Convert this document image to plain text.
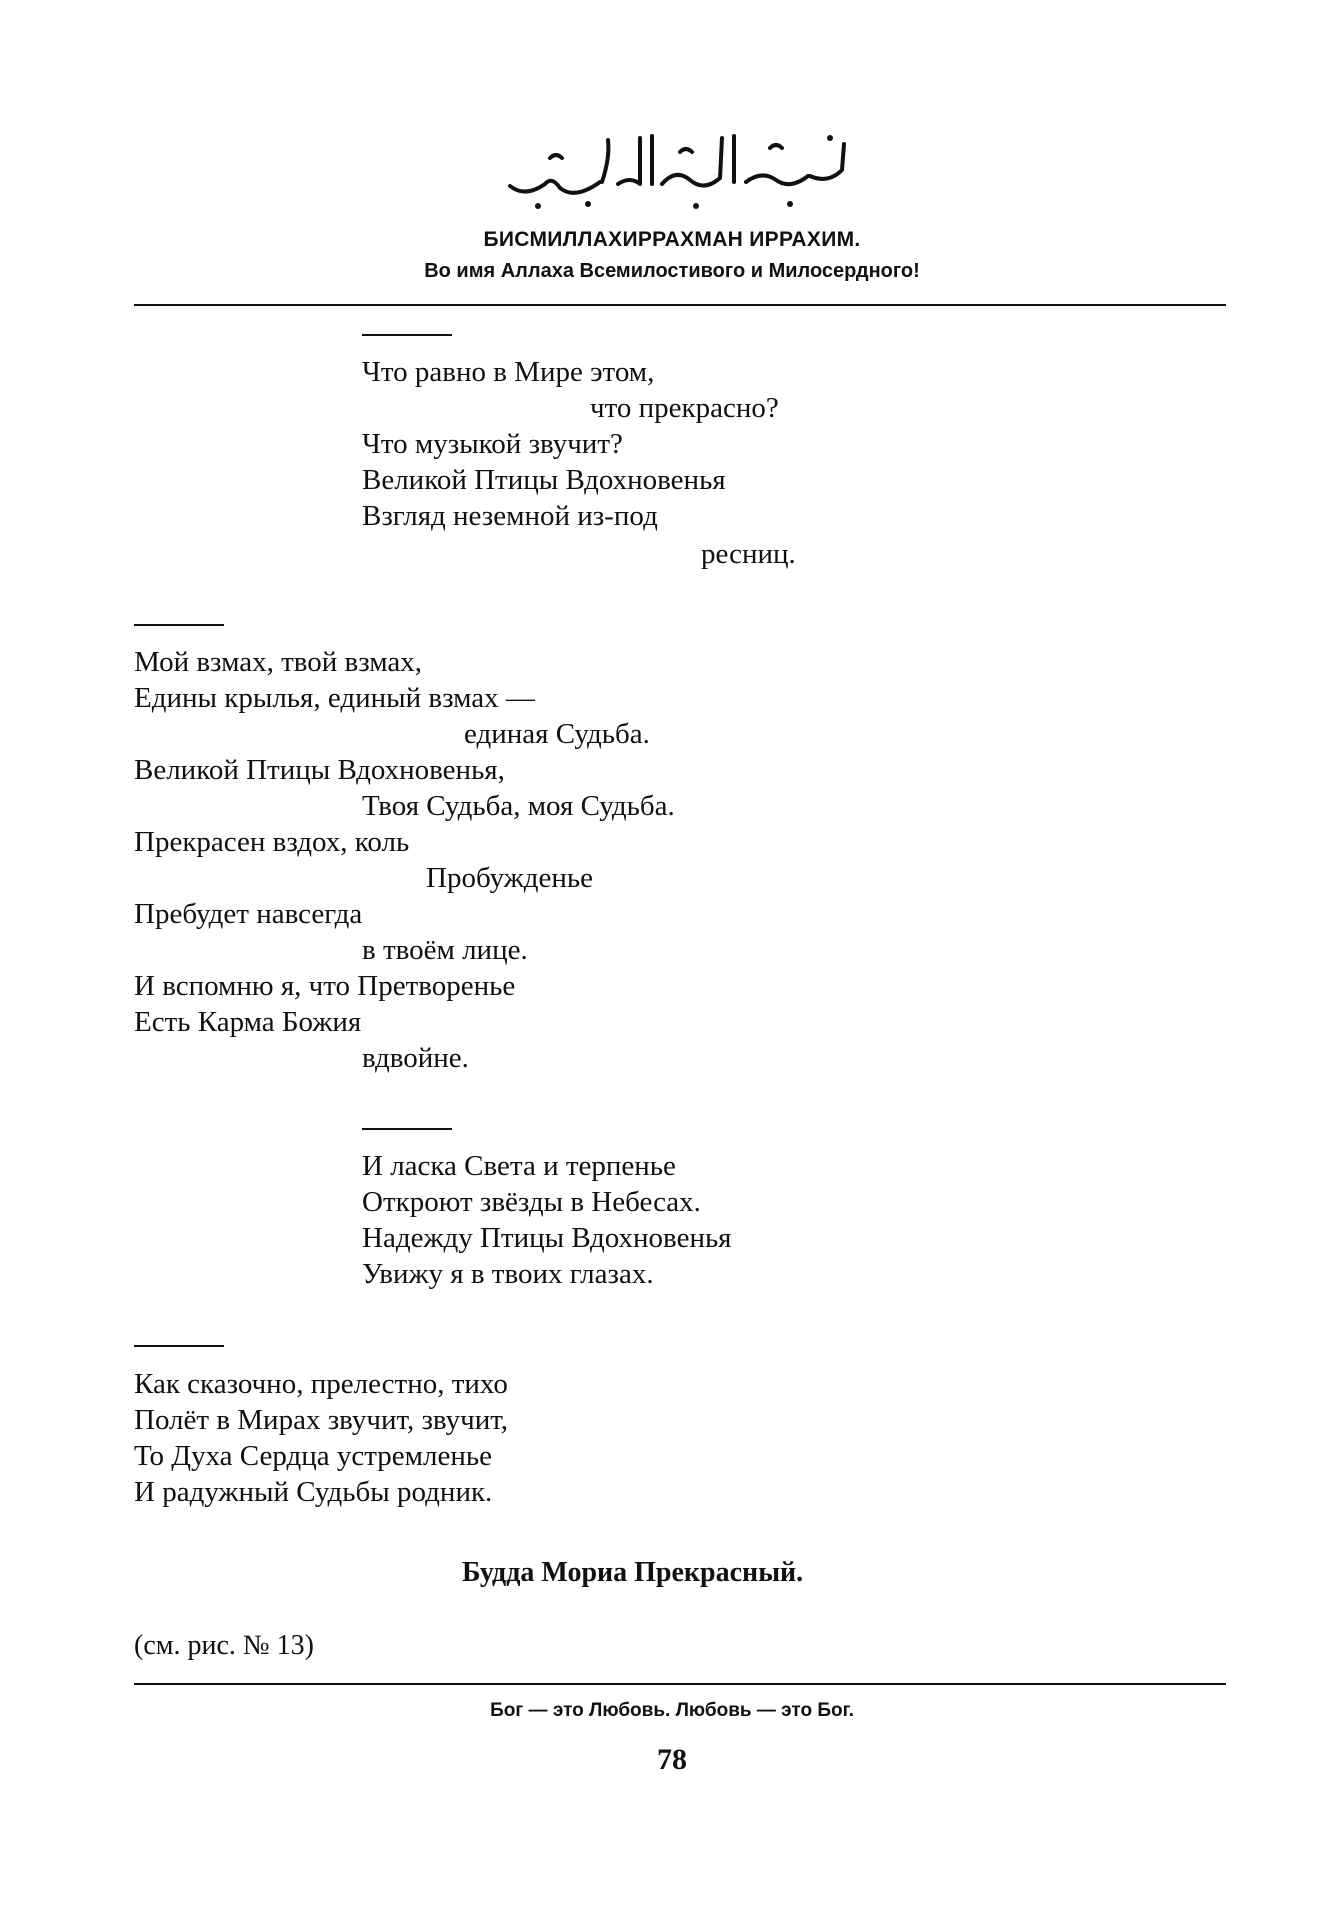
БИСМИЛЛАХИРРАХМАН ИРРАХИМ.
Во имя Аллаха Всемилостивого и Милосердного!
Что равно в Мире этом,
что прекрасно?
Что музыкой звучит?
Великой Птицы Вдохновенья
Взгляд неземной из-под
ресниц.
Мой взмах, твой взмах,
Едины крылья, единый взмах —
единая Судьба.
Великой Птицы Вдохновенья,
Твоя Судьба, моя Судьба.
Прекрасен вздох, коль
Пробужденье
Пребудет навсегда
в твоём лице.
И вспомню я, что Претворенье
Есть Карма Божия
вдвойне.
И ласка Света и терпенье
Откроют звёзды в Небесах.
Надежду Птицы Вдохновенья
Увижу я в твоих глазах.
Как сказочно, прелестно, тихо
Полёт в Мирах звучит, звучит,
То Духа Сердца устремленье
И радужный Судьбы родник.
Будда Мориа Прекрасный.
(см. рис. № 13)
Бог — это Любовь. Любовь — это Бог.
78
